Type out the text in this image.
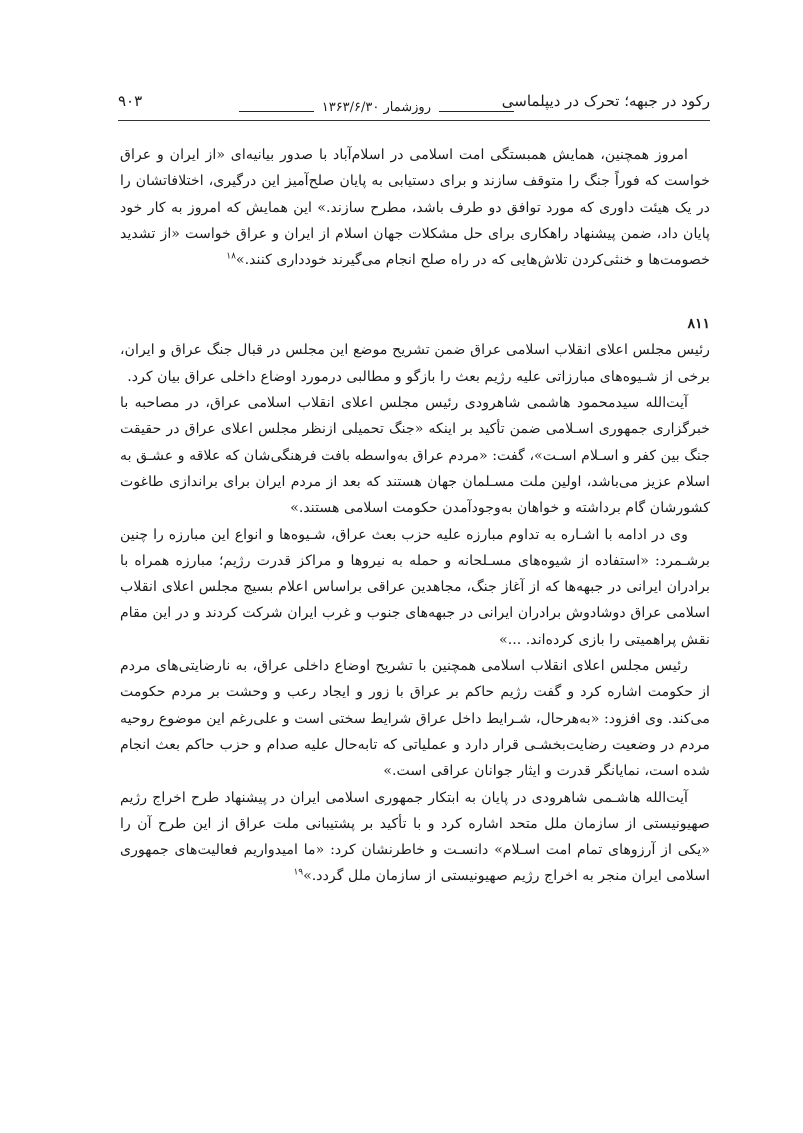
رکود در جبهه؛ تحرک در دیپلماسی
روزشمار ۱۳۶۳/۶/۳۰
۹۰۳

امروز همچنین، همایش همبستگی امت اسلامی در اسلام‌آباد با صدور بیانیه‌ای «از ایران و عراق خواست که فوراً جنگ را متوقف سازند و برای دستیابی به پایان صلح‌آمیز این درگیری، اختلافاتشان را در یک هیئت داوری که مورد توافق دو طرف باشد، مطرح سازند.» این همایش که امروز به کار خود پایان داد، ضمن پیشنهاد راهکاری برای حل مشکلات جهان اسلام از ایران و عراق خواست «از تشدید خصومت‌ها و خنثی‌کردن تلاش‌هایی که در راه صلح انجام می‌گیرند خودداری کنند.»$^{۱۸}$

۸۱۱

رئیس مجلس اعلای انقلاب اسلامی عراق ضمن تشریح موضع این مجلس در قبال جنگ عراق و ایران، برخی از شـیوه‌های مبارزاتی علیه رژیم بعث را بازگو و مطالبی درمورد اوضاع داخلی عراق بیان کرد.

آیت‌الله سیدمحمود هاشمی شاهرودی رئیس مجلس اعلای انقلاب اسلامی عراق، در مصاحبه با خبرگزاری جمهوری اسـلامی ضمن تأکید بر اینکه «جنگ تحمیلی ازنظر مجلس اعلای عراق در حقیقت جنگ بین کفر و اسـلام اسـت»، گفت: «مردم عراق به‌واسطه بافت فرهنگی‌شان که علاقه و عشـق به اسلام عزیز می‌باشد، اولین ملت مسـلمان جهان هستند که بعد از مردم ایران برای براندازی طاغوت کشورشان گام برداشته و خواهان به‌وجودآمدن حکومت اسلامی هستند.»

وی در ادامه با اشـاره به تداوم مبارزه علیه حزب بعث عراق، شـیوه‌ها و انواع این مبارزه را چنین برشـمرد: «استفاده از شیوه‌های مسـلحانه و حمله به نیروها و مراکز قدرت رژیم؛ مبارزه همراه با برادران ایرانی در جبهه‌ها که از آغاز جنگ، مجاهدین عراقی براساس اعلام بسیج مجلس اعلای انقلاب اسلامی عراق دوشادوش برادران ایرانی در جبهه‌های جنوب و غرب ایران شرکت کردند و در این مقام نقش پراهمیتی را بازی کرده‌اند. ...»

رئیس مجلس اعلای انقلاب اسلامی همچنین با تشریح اوضاع داخلی عراق، به نارضایتی‌های مردم از حکومت اشاره کرد و گفت رژیم حاکم بر عراق با زور و ایجاد رعب و وحشت بر مردم حکومت می‌کند. وی افزود: «به‌هرحال، شـرایط داخل عراق شرایط سختی است و علی‌رغم این موضوع روحیه مردم در وضعیت رضایت‌بخشـی قرار دارد و عملیاتی که تابه‌حال علیه صدام و حزب حاکم بعث انجام شده است، نمایانگر قدرت و ایثار جوانان عراقی است.»

آیت‌الله هاشـمی شاهرودی در پایان به ابتکار جمهوری اسلامی ایران در پیشنهاد طرح اخراج رژیم صهیونیستی از سازمان ملل متحد اشاره کرد و با تأکید بر پشتیبانی ملت عراق از این طرح آن را «یکی از آرزوهای تمام امت اسـلام» دانسـت و خاطرنشان کرد: «ما امیدواریم فعالیت‌های جمهوری اسلامی ایران منجر به اخراج رژیم صهیونیستی از سازمان ملل گردد.»$^{۱۹}$
